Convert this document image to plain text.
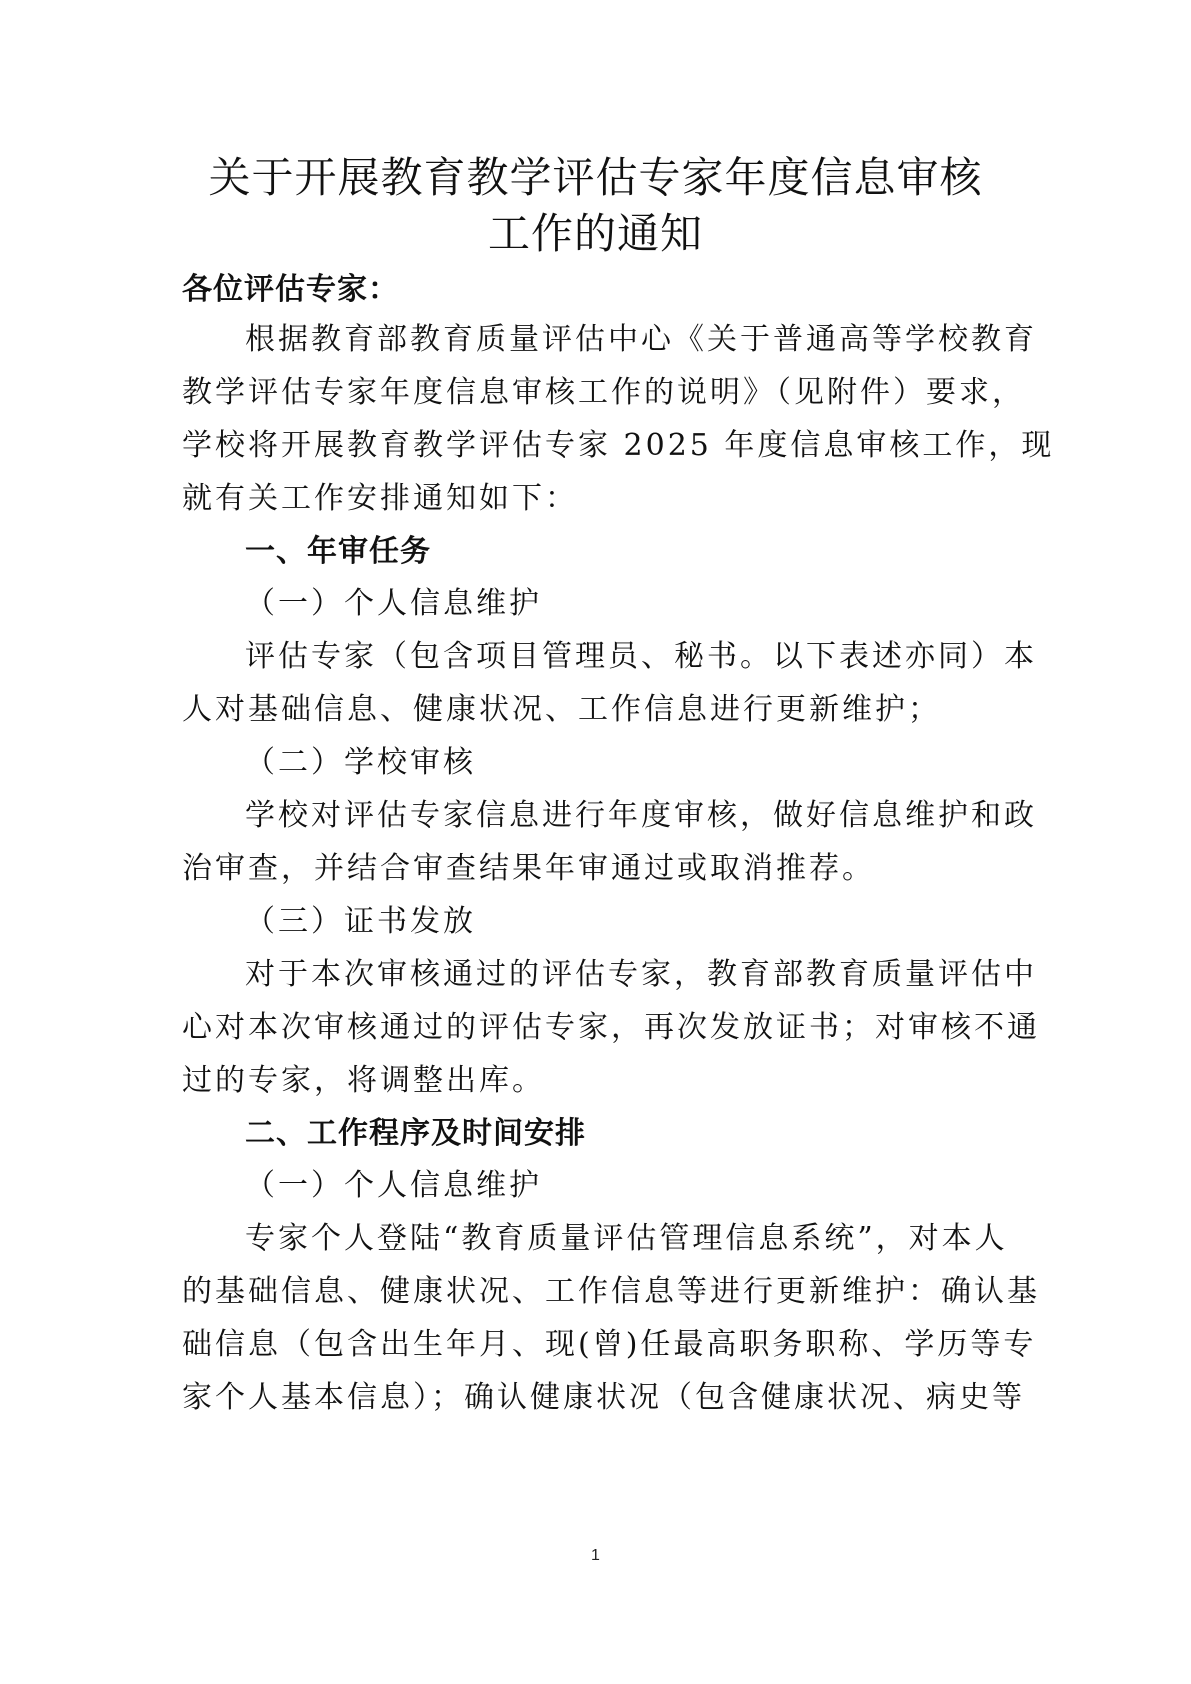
关于开展教育教学评估专家年度信息审核
工作的通知
各位评估专家：
根据教育部教育质量评估中心《关于普通高等学校教育
教学评估专家年度信息审核工作的说明》（见附件）要求，
学校将开展教育教学评估专家 2025 年度信息审核工作，现
就有关工作安排通知如下：
一、年审任务
（一）个人信息维护
评估专家（包含项目管理员、秘书。以下表述亦同）本
人对基础信息、健康状况、工作信息进行更新维护；
（二）学校审核
学校对评估专家信息进行年度审核，做好信息维护和政
治审查，并结合审查结果年审通过或取消推荐。
（三）证书发放
对于本次审核通过的评估专家，教育部教育质量评估中
心对本次审核通过的评估专家，再次发放证书；对审核不通
过的专家，将调整出库。
二、工作程序及时间安排
（一）个人信息维护
专家个人登陆“教育质量评估管理信息系统”，对本人
的基础信息、健康状况、工作信息等进行更新维护：确认基
础信息（包含出生年月、现(曾)任最高职务职称、学历等专
家个人基本信息）；确认健康状况（包含健康状况、病史等
1
